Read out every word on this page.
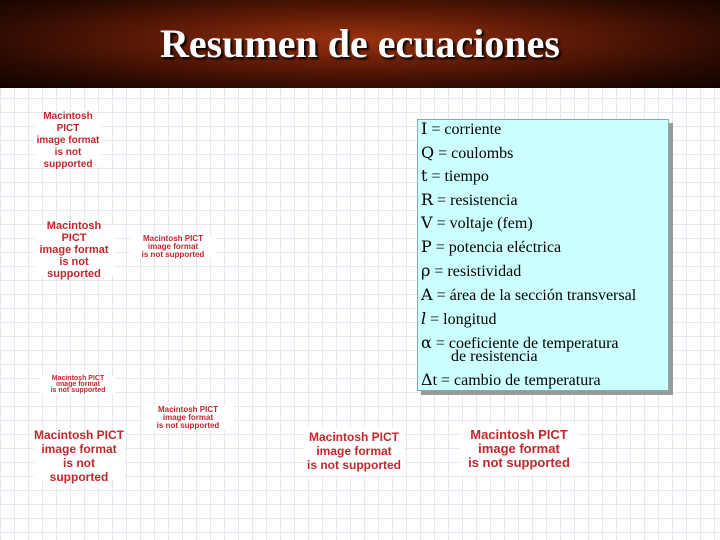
Resumen de ecuaciones
Macintosh PICT
image format
is not supported
Macintosh PICT
image format
is not supported
Macintosh PICT
image format
is not supported
Macintosh PICT
image format
is not supported
Macintosh PICT
image format
is not supported
Macintosh PICT
image format
is not supported
Macintosh PICT
image format
is not supported
Macintosh PICT
image format
is not supported
I = corriente
Q = coulombs
t = tiempo
R = resistencia
V = voltaje (fem)
P = potencia eléctrica
ρ = resistividad
A = área de la sección transversal
l = longitud
α = coeficiente de temperatura
de resistencia
Δt = cambio de temperatura
